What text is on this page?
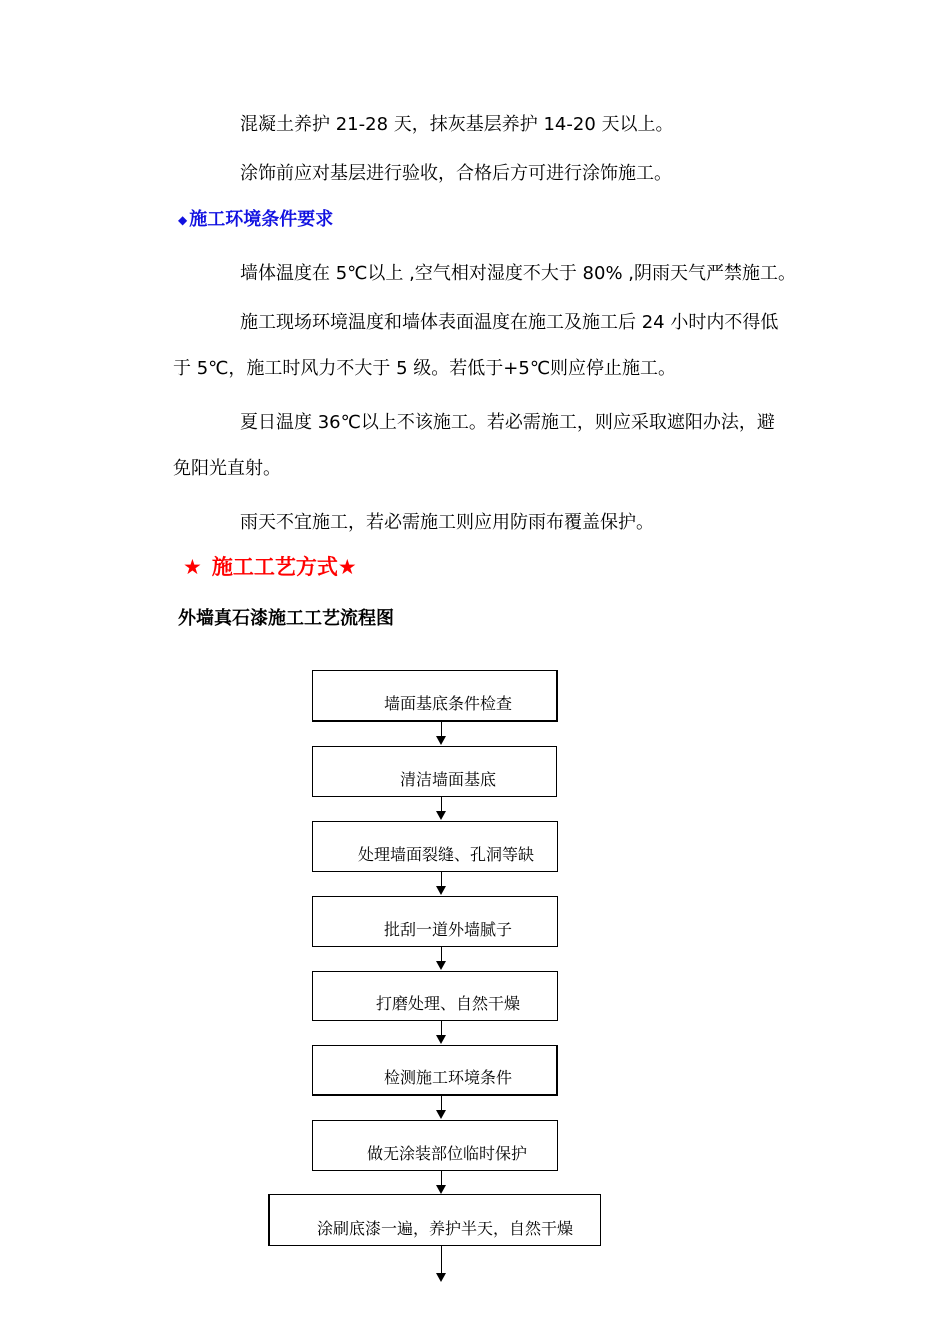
混凝土养护 21-28 天，抹灰基层养护 14-20 天以上。
涂饰前应对基层进行验收，合格后方可进行涂饰施工。
◆ 施工环境条件要求
墙体温度在 5℃以上 ,空气相对湿度不大于 80% ,阴雨天气严禁施工。
施工现场环境温度和墙体表面温度在施工及施工后 24 小时内不得低
于 5℃，施工时风力不大于 5 级。若低于+5℃则应停止施工。
夏日温度 36℃以上不该施工。若必需施工，则应采取遮阳办法，避
免阳光直射。
雨天不宜施工，若必需施工则应用防雨布覆盖保护。
★ 施工工艺方式★
外墙真石漆施工工艺流程图
墙面基底条件检查
清洁墙面基底
处理墙面裂缝、孔洞等缺
批刮一道外墙腻子
打磨处理、自然干燥
检测施工环境条件
做无涂装部位临时保护
涂刷底漆一遍，养护半天，自然干燥
